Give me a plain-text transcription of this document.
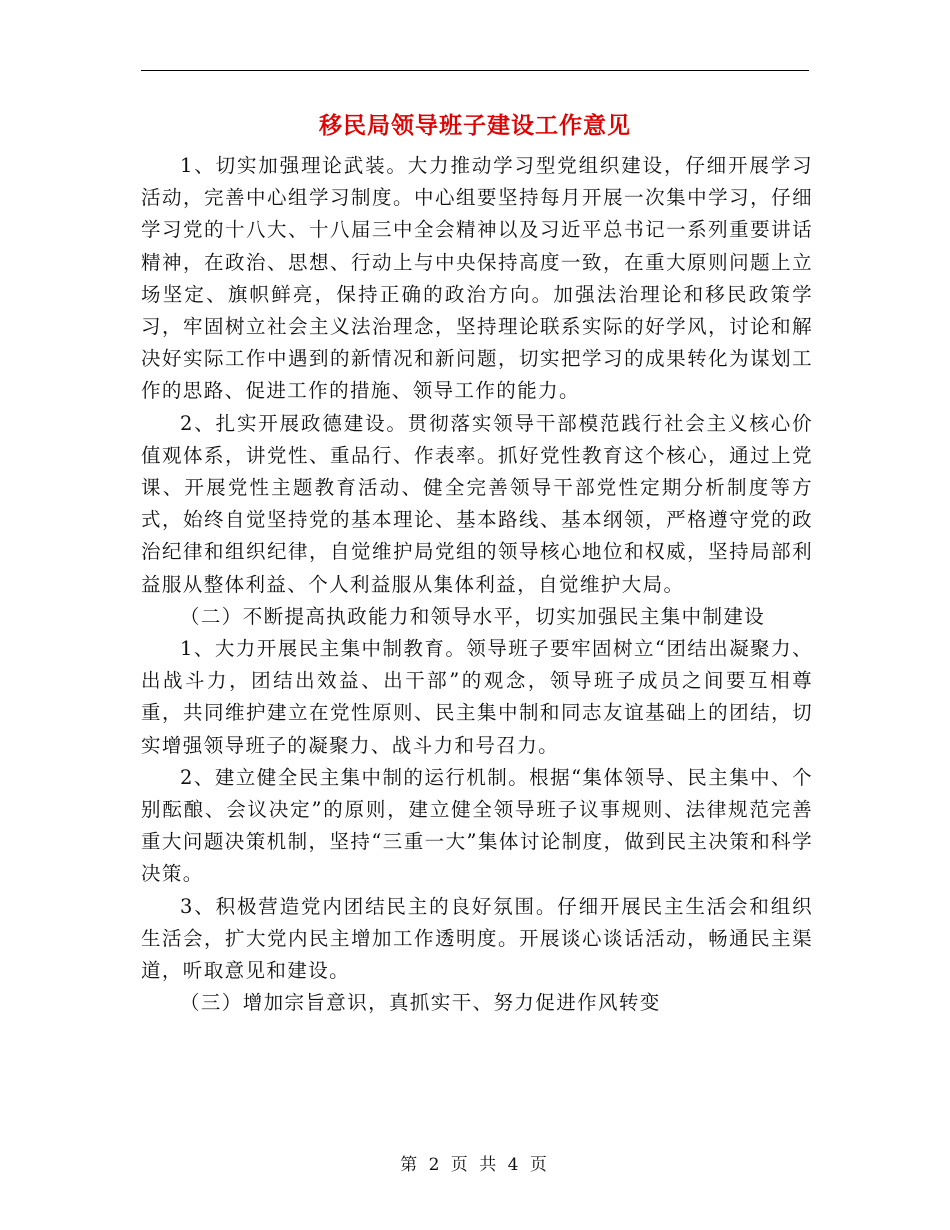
移民局领导班子建设工作意见

1、切实加强理论武装。大力推动学习型党组织建设，仔细开展学习活动，完善中心组学习制度。中心组要坚持每月开展一次集中学习，仔细学习党的十八大、十八届三中全会精神以及习近平总书记一系列重要讲话精神，在政治、思想、行动上与中央保持高度一致，在重大原则问题上立场坚定、旗帜鲜亮，保持正确的政治方向。加强法治理论和移民政策学习，牢固树立社会主义法治理念，坚持理论联系实际的好学风，讨论和解决好实际工作中遇到的新情况和新问题，切实把学习的成果转化为谋划工作的思路、促进工作的措施、领导工作的能力。

2、扎实开展政德建设。贯彻落实领导干部模范践行社会主义核心价值观体系，讲党性、重品行、作表率。抓好党性教育这个核心，通过上党课、开展党性主题教育活动、健全完善领导干部党性定期分析制度等方式，始终自觉坚持党的基本理论、基本路线、基本纲领，严格遵守党的政治纪律和组织纪律，自觉维护局党组的领导核心地位和权威，坚持局部利益服从整体利益、个人利益服从集体利益，自觉维护大局。

（二）不断提高执政能力和领导水平，切实加强民主集中制建设

1、大力开展民主集中制教育。领导班子要牢固树立“团结出凝聚力、出战斗力，团结出效益、出干部”的观念，领导班子成员之间要互相尊重，共同维护建立在党性原则、民主集中制和同志友谊基础上的团结，切实增强领导班子的凝聚力、战斗力和号召力。

2、建立健全民主集中制的运行机制。根据“集体领导、民主集中、个别酝酿、会议决定”的原则，建立健全领导班子议事规则、法律规范完善重大问题决策机制，坚持“三重一大”集体讨论制度，做到民主决策和科学决策。

3、积极营造党内团结民主的良好氛围。仔细开展民主生活会和组织生活会，扩大党内民主增加工作透明度。开展谈心谈话活动，畅通民主渠道，听取意见和建设。

（三）增加宗旨意识，真抓实干、努力促进作风转变

第 2 页 共 4 页
